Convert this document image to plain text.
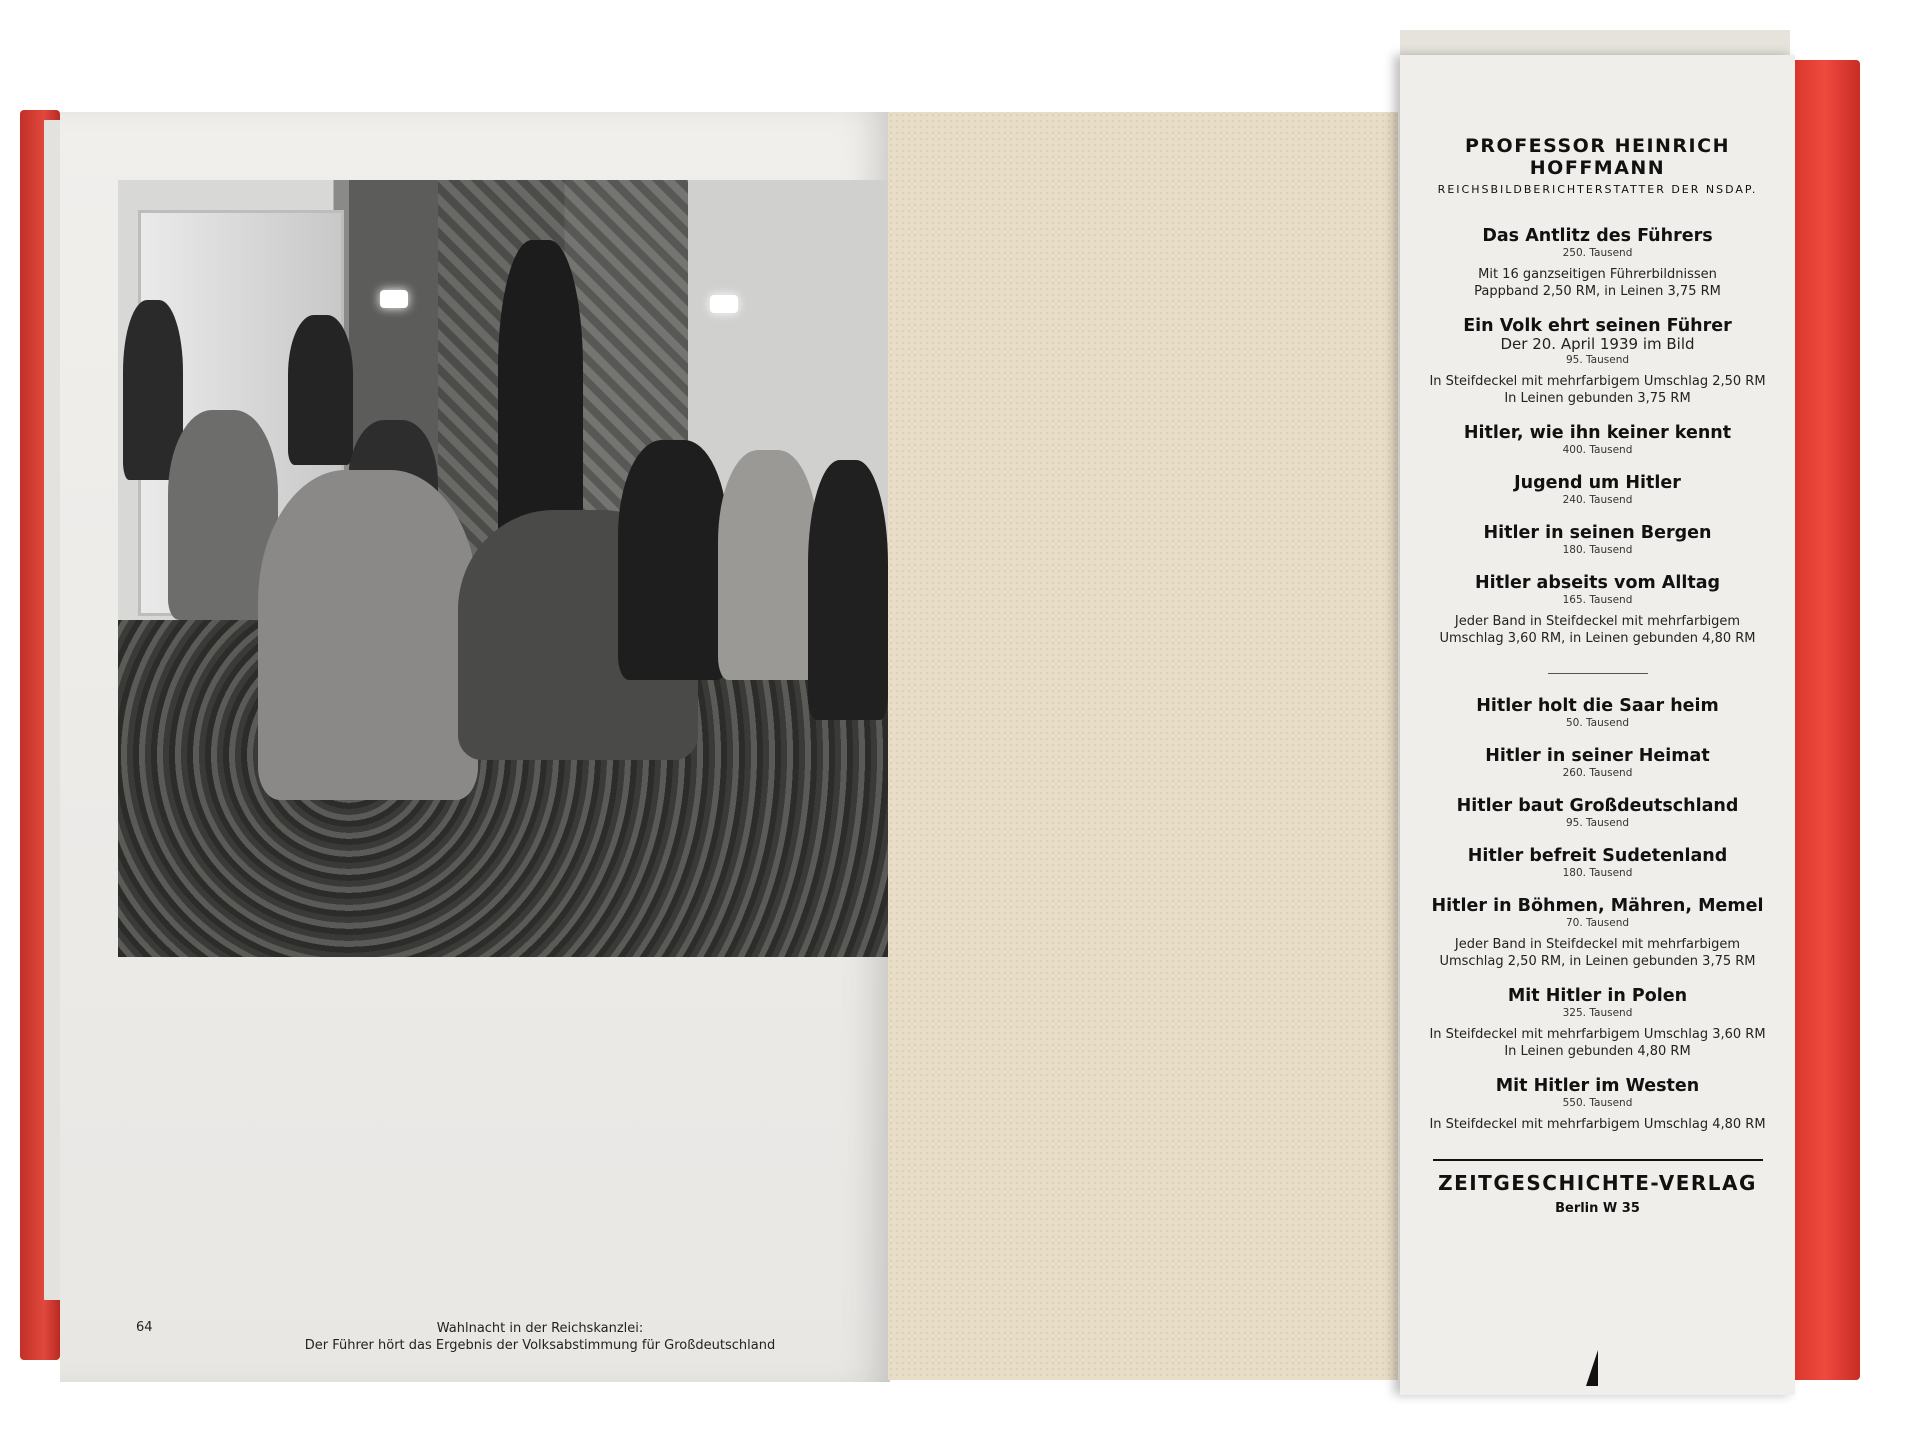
64	Wahlnacht in der Reichskanzlei:
Der Führer hört das Ergebnis der Volksabstimmung für Großdeutschland
PROFESSOR HEINRICH HOFFMANN
REICHSBILDBERICHTERSTATTER DER NSDAP.
Das Antlitz des Führers
250. Tausend
Mit 16 ganzseitigen Führerbildnissen
Pappband 2,50 RM, in Leinen 3,75 RM
Ein Volk ehrt seinen Führer
Der 20. April 1939 im Bild
95. Tausend
In Steifdeckel mit mehrfarbigem Umschlag 2,50 RM
In Leinen gebunden 3,75 RM
Hitler, wie ihn keiner kennt
400. Tausend
Jugend um Hitler
240. Tausend
Hitler in seinen Bergen
180. Tausend
Hitler abseits vom Alltag
165. Tausend
Jeder Band in Steifdeckel mit mehrfarbigem
Umschlag 3,60 RM, in Leinen gebunden 4,80 RM
Hitler holt die Saar heim
50. Tausend
Hitler in seiner Heimat
260. Tausend
Hitler baut Großdeutschland
95. Tausend
Hitler befreit Sudetenland
180. Tausend
Hitler in Böhmen, Mähren, Memel
70. Tausend
Jeder Band in Steifdeckel mit mehrfarbigem
Umschlag 2,50 RM, in Leinen gebunden 3,75 RM
Mit Hitler in Polen
325. Tausend
In Steifdeckel mit mehrfarbigem Umschlag 3,60 RM
In Leinen gebunden 4,80 RM
Mit Hitler im Westen
550. Tausend
In Steifdeckel mit mehrfarbigem Umschlag 4,80 RM
ZEITGESCHICHTE-VERLAG
Berlin W 35
